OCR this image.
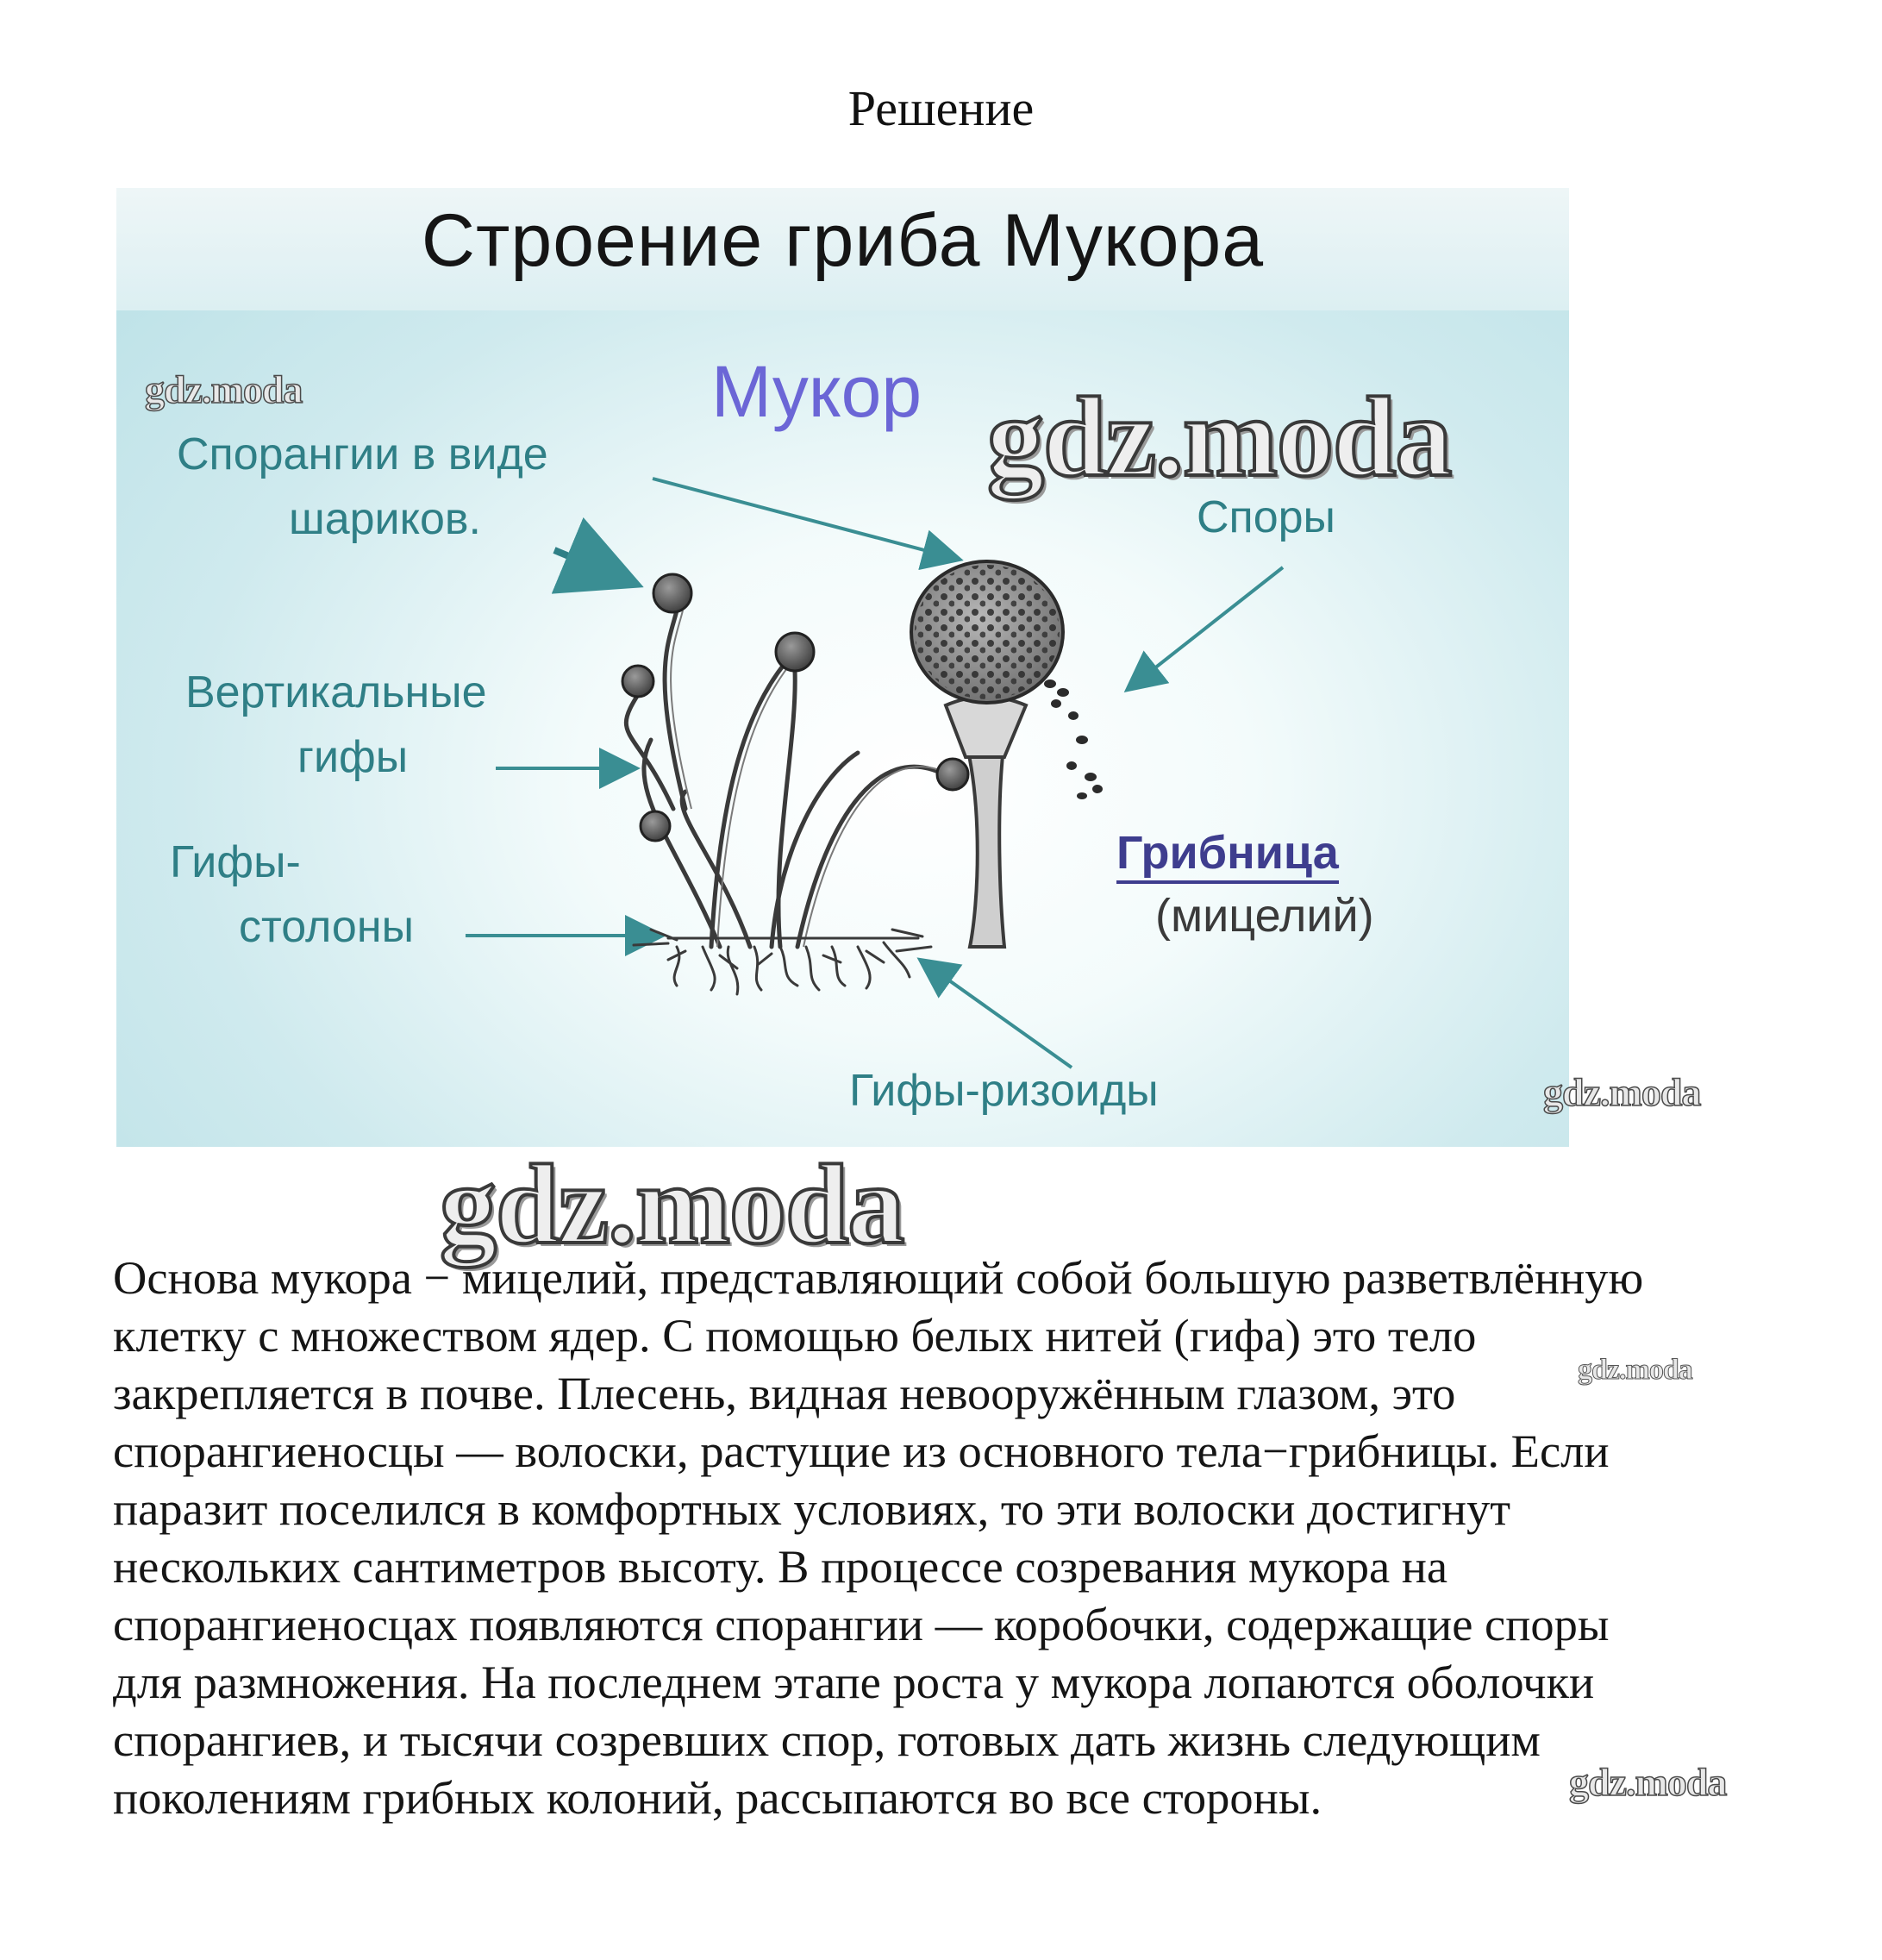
Решение
Строение гриба Мукора
Спорангии в виде
шариков.
Мукор
Споры
Вертикальные
гифы
Гифы-
столоны
Грибница
(мицелий)
Гифы-ризоиды
gdz.moda	gdz.moda
gdz.moda
gdz.moda
gdz.moda
gdz.moda
Основа мукора − мицелий, представляющий собой большую разветвлённую
клетку с множеством ядер. С помощью белых нитей (гифа) это тело
закрепляется в почве. Плесень, видная невооружённым глазом, это
спорангиеносцы — волоски, растущие из основного тела−грибницы. Если
паразит поселился в комфортных условиях, то эти волоски достигнут
нескольких сантиметров высоту. В процессе созревания мукора на
спорангиеносцах появляются спорангии — коробочки, содержащие споры
для размножения. На последнем этапе роста у мукора лопаются оболочки
спорангиев, и тысячи созревших спор, готовых дать жизнь следующим
поколениям грибных колоний, рассыпаются во все стороны.
